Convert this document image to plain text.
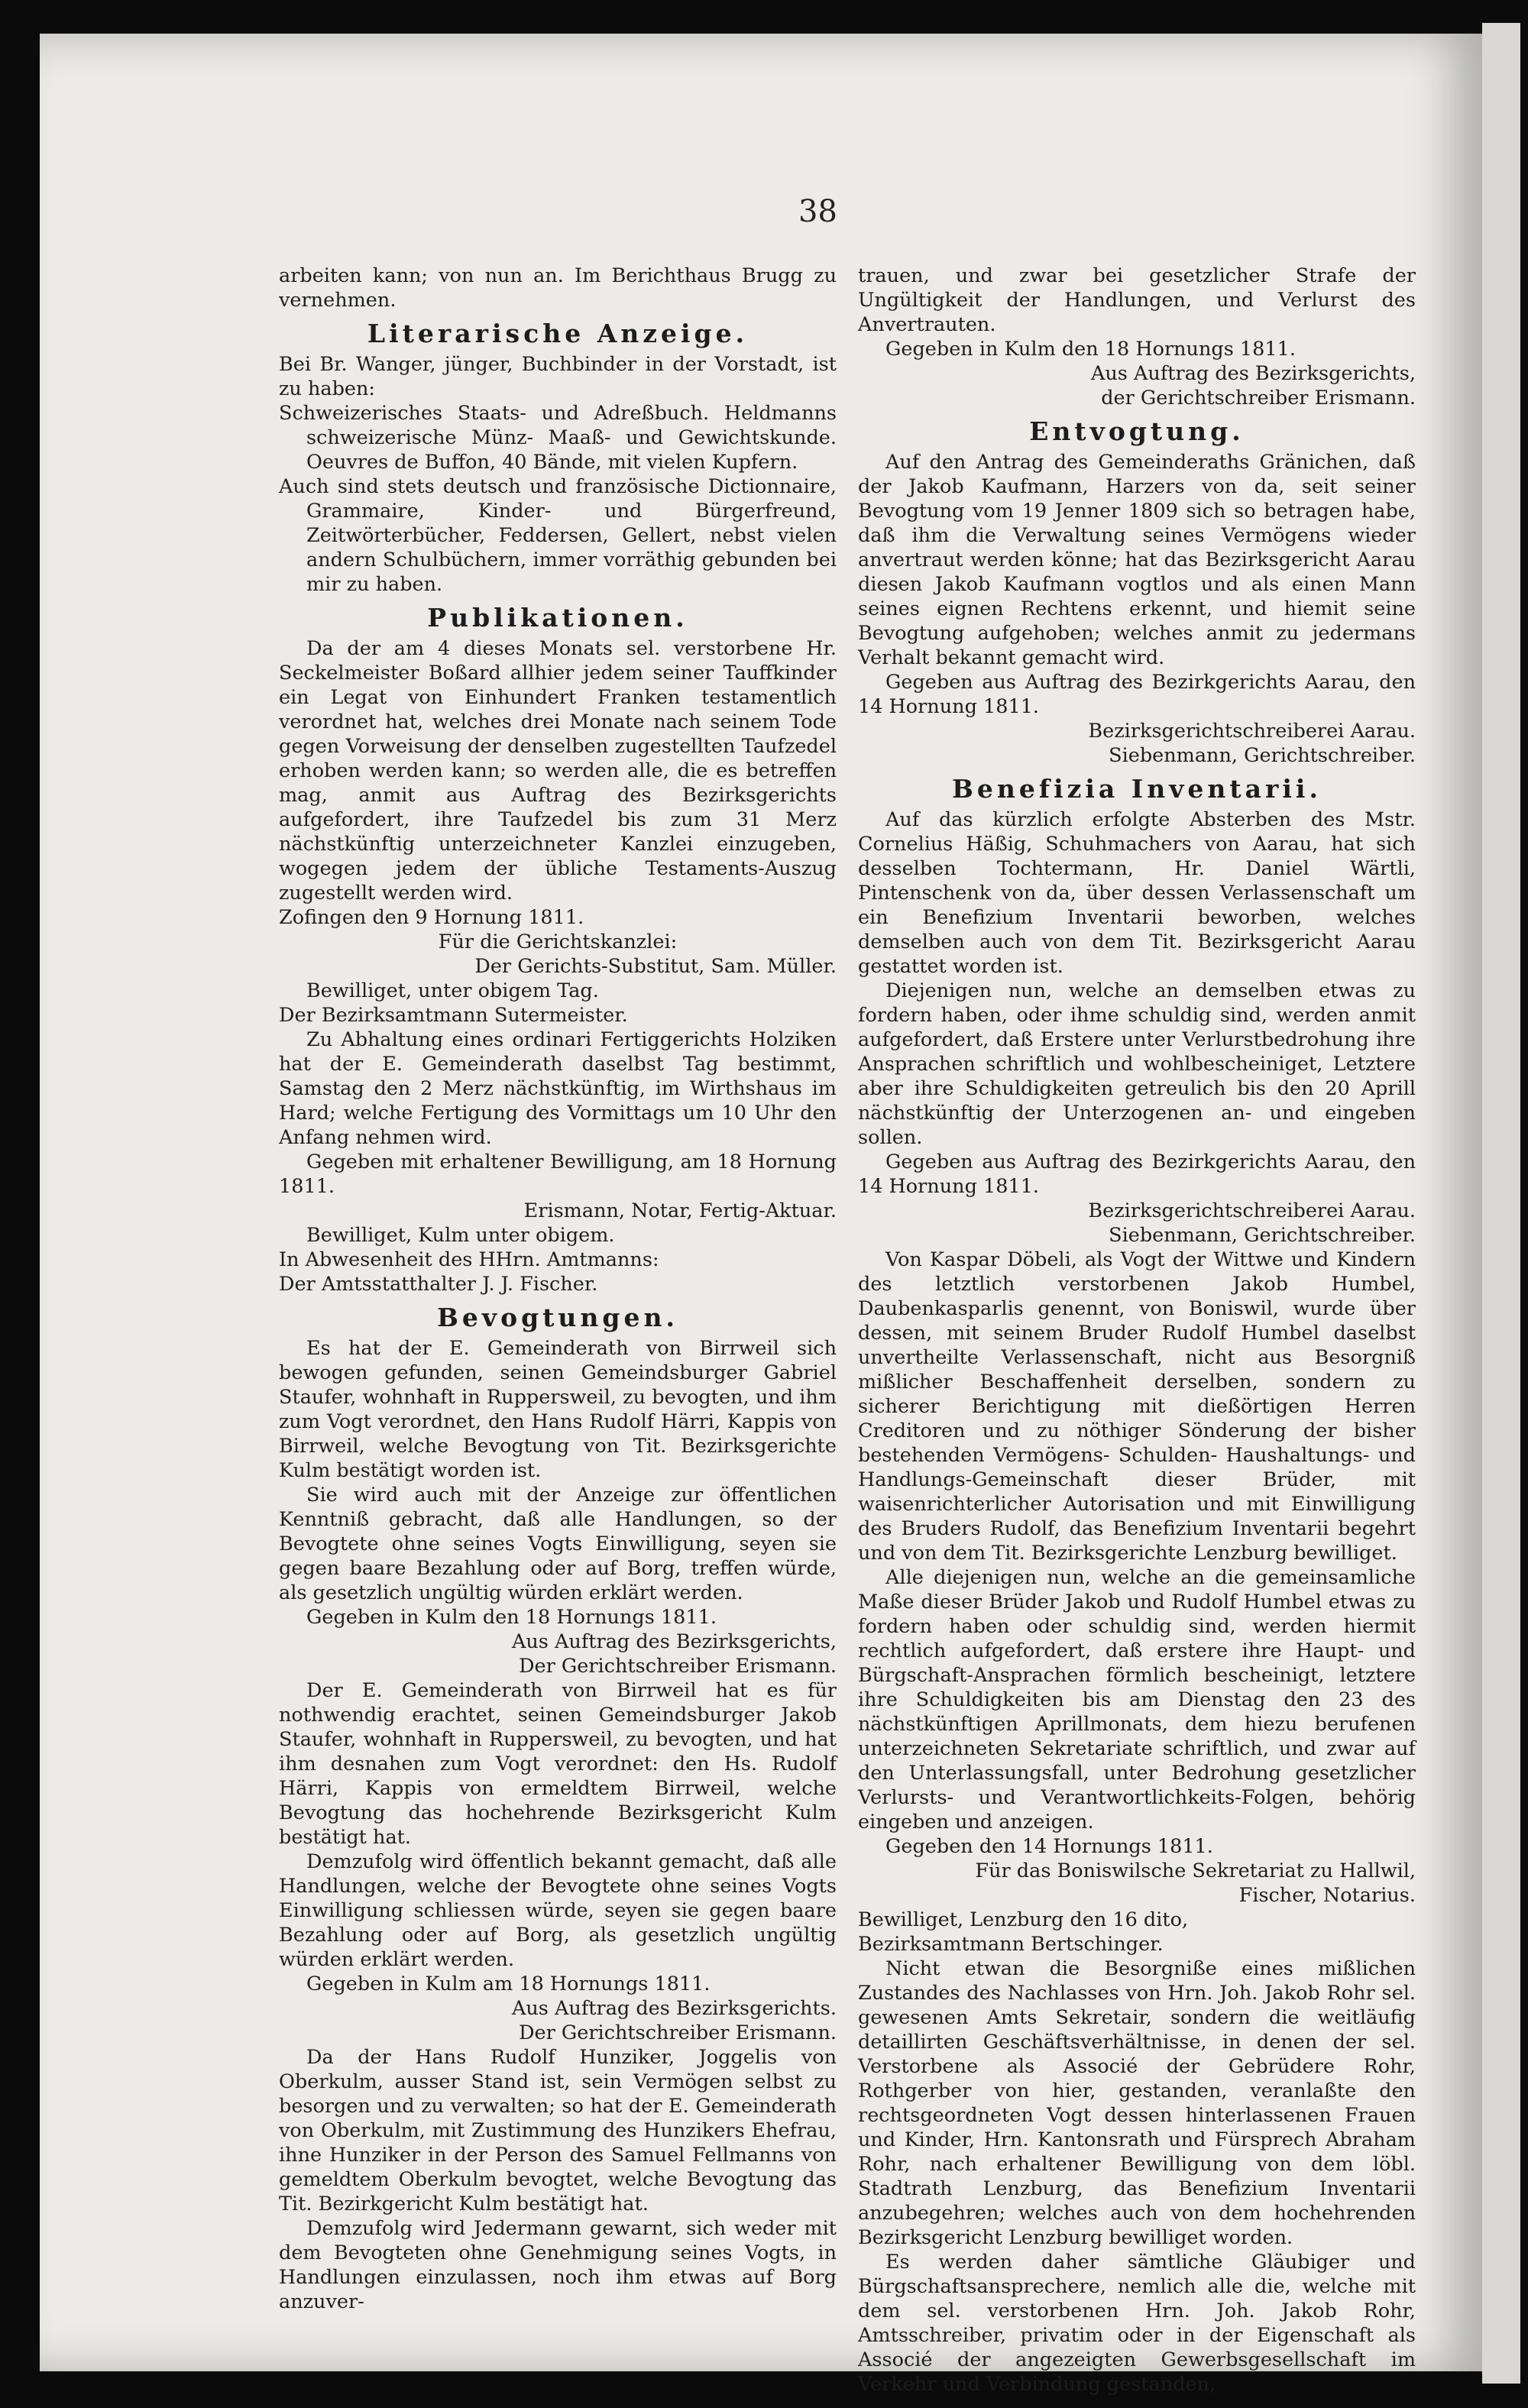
38

arbeiten kann; von nun an. Im Berichthaus Brugg zu vernehmen.

Literarische Anzeige.

Bei Br. Wanger, jünger, Buchbinder in der Vorstadt, ist zu haben:

Schweizerisches Staats- und Adreßbuch. Heldmanns schweizerische Münz- Maaß- und Gewichtskunde. Oeuvres de Buffon, 40 Bände, mit vielen Kupfern.

Auch sind stets deutsch und französische Dictionnaire, Grammaire, Kinder- und Bürgerfreund, Zeitwörterbücher, Feddersen, Gellert, nebst vielen andern Schulbüchern, immer vorräthig gebunden bei mir zu haben.

Publikationen.

Da der am 4 dieses Monats sel. verstorbene Hr. Seckelmeister Boßard allhier jedem seiner Tauffkinder ein Legat von Einhundert Franken testamentlich verordnet hat, welches drei Monate nach seinem Tode gegen Vorweisung der denselben zugestellten Taufzedel erhoben werden kann; so werden alle, die es betreffen mag, anmit aus Auftrag des Bezirksgerichts aufgefordert, ihre Taufzedel bis zum 31 Merz nächstkünftig unterzeichneter Kanzlei einzugeben, wogegen jedem der übliche Testaments-Auszug zugestellt werden wird.

Zofingen den 9 Hornung 1811.

Für die Gerichtskanzlei:

Der Gerichts-Substitut, Sam. Müller.

Bewilliget, unter obigem Tag.

Der Bezirksamtmann Sutermeister.

Zu Abhaltung eines ordinari Fertiggerichts Holziken hat der E. Gemeinderath daselbst Tag bestimmt, Samstag den 2 Merz nächstkünftig, im Wirthshaus im Hard; welche Fertigung des Vormittags um 10 Uhr den Anfang nehmen wird.

Gegeben mit erhaltener Bewilligung, am 18 Hornung 1811.

Erismann, Notar, Fertig-Aktuar.

Bewilliget, Kulm unter obigem.

In Abwesenheit des HHrn. Amtmanns:

Der Amtsstatthalter J. J. Fischer.

Bevogtungen.

Es hat der E. Gemeinderath von Birrweil sich bewogen gefunden, seinen Gemeindsburger Gabriel Staufer, wohnhaft in Ruppersweil, zu bevogten, und ihm zum Vogt verordnet, den Hans Rudolf Härri, Kappis von Birrweil, welche Bevogtung von Tit. Bezirksgerichte Kulm bestätigt worden ist.

Sie wird auch mit der Anzeige zur öffentlichen Kenntniß gebracht, daß alle Handlungen, so der Bevogtete ohne seines Vogts Einwilligung, seyen sie gegen baare Bezahlung oder auf Borg, treffen würde, als gesetzlich ungültig würden erklärt werden.

Gegeben in Kulm den 18 Hornungs 1811.

Aus Auftrag des Bezirksgerichts,

Der Gerichtschreiber Erismann.

Der E. Gemeinderath von Birrweil hat es für nothwendig erachtet, seinen Gemeindsburger Jakob Staufer, wohnhaft in Ruppersweil, zu bevogten, und hat ihm desnahen zum Vogt verordnet: den Hs. Rudolf Härri, Kappis von ermeldtem Birrweil, welche Bevogtung das hochehrende Bezirksgericht Kulm bestätigt hat.

Demzufolg wird öffentlich bekannt gemacht, daß alle Handlungen, welche der Bevogtete ohne seines Vogts Einwilligung schliessen würde, seyen sie gegen baare Bezahlung oder auf Borg, als gesetzlich ungültig würden erklärt werden.

Gegeben in Kulm am 18 Hornungs 1811.

Aus Auftrag des Bezirksgerichts.

Der Gerichtschreiber Erismann.

Da der Hans Rudolf Hunziker, Joggelis von Oberkulm, ausser Stand ist, sein Vermögen selbst zu besorgen und zu verwalten; so hat der E. Gemeinderath von Oberkulm, mit Zustimmung des Hunzikers Ehefrau, ihne Hunziker in der Person des Samuel Fellmanns von gemeldtem Oberkulm bevogtet, welche Bevogtung das Tit. Bezirkgericht Kulm bestätigt hat.

Demzufolg wird Jedermann gewarnt, sich weder mit dem Bevogteten ohne Genehmigung seines Vogts, in Handlungen einzulassen, noch ihm etwas auf Borg anzuver-

trauen, und zwar bei gesetzlicher Strafe der Ungültigkeit der Handlungen, und Verlurst des Anvertrauten.

Gegeben in Kulm den 18 Hornungs 1811.

Aus Auftrag des Bezirksgerichts,

der Gerichtschreiber Erismann.

Entvogtung.

Auf den Antrag des Gemeinderaths Gränichen, daß der Jakob Kaufmann, Harzers von da, seit seiner Bevogtung vom 19 Jenner 1809 sich so betragen habe, daß ihm die Verwaltung seines Vermögens wieder anvertraut werden könne; hat das Bezirksgericht Aarau diesen Jakob Kaufmann vogtlos und als einen Mann seines eignen Rechtens erkennt, und hiemit seine Bevogtung aufgehoben; welches anmit zu jedermans Verhalt bekannt gemacht wird.

Gegeben aus Auftrag des Bezirkgerichts Aarau, den 14 Hornung 1811.

Bezirksgerichtschreiberei Aarau.

Siebenmann, Gerichtschreiber.

Benefizia Inventarii.

Auf das kürzlich erfolgte Absterben des Mstr. Cornelius Häßig, Schuhmachers von Aarau, hat sich desselben Tochtermann, Hr. Daniel Wärtli, Pintenschenk von da, über dessen Verlassenschaft um ein Benefizium Inventarii beworben, welches demselben auch von dem Tit. Bezirksgericht Aarau gestattet worden ist.

Diejenigen nun, welche an demselben etwas zu fordern haben, oder ihme schuldig sind, werden anmit aufgefordert, daß Erstere unter Verlurstbedrohung ihre Ansprachen schriftlich und wohlbescheiniget, Letztere aber ihre Schuldigkeiten getreulich bis den 20 Aprill nächstkünftig der Unterzogenen an- und eingeben sollen.

Gegeben aus Auftrag des Bezirkgerichts Aarau, den 14 Hornung 1811.

Bezirksgerichtschreiberei Aarau.

Siebenmann, Gerichtschreiber.

Von Kaspar Döbeli, als Vogt der Wittwe und Kindern des letztlich verstorbenen Jakob Humbel, Daubenkasparlis genennt, von Boniswil, wurde über dessen, mit seinem Bruder Rudolf Humbel daselbst unvertheilte Verlassenschaft, nicht aus Besorgniß mißlicher Beschaffenheit derselben, sondern zu sicherer Berichtigung mit dießörtigen Herren Creditoren und zu nöthiger Sönderung der bisher bestehenden Vermögens- Schulden- Haushaltungs- und Handlungs-Gemeinschaft dieser Brüder, mit waisenrichterlicher Autorisation und mit Einwilligung des Bruders Rudolf, das Benefizium Inventarii begehrt und von dem Tit. Bezirksgerichte Lenzburg bewilliget.

Alle diejenigen nun, welche an die gemeinsamliche Maße dieser Brüder Jakob und Rudolf Humbel etwas zu fordern haben oder schuldig sind, werden hiermit rechtlich aufgefordert, daß erstere ihre Haupt- und Bürgschaft-Ansprachen förmlich bescheinigt, letztere ihre Schuldigkeiten bis am Dienstag den 23 des nächstkünftigen Aprillmonats, dem hiezu berufenen unterzeichneten Sekretariate schriftlich, und zwar auf den Unterlassungsfall, unter Bedrohung gesetzlicher Verlursts- und Verantwortlichkeits-Folgen, behörig eingeben und anzeigen.

Gegeben den 14 Hornungs 1811.

Für das Boniswilsche Sekretariat zu Hallwil,

Fischer, Notarius.

Bewilliget, Lenzburg den 16 dito,

Bezirksamtmann Bertschinger.

Nicht etwan die Besorgniße eines mißlichen Zustandes des Nachlasses von Hrn. Joh. Jakob Rohr sel. gewesenen Amts Sekretair, sondern die weitläufig detaillirten Geschäftsverhältnisse, in denen der sel. Verstorbene als Associé der Gebrüdere Rohr, Rothgerber von hier, gestanden, veranlaßte den rechtsgeordneten Vogt dessen hinterlassenen Frauen und Kinder, Hrn. Kantonsrath und Fürsprech Abraham Rohr, nach erhaltener Bewilligung von dem löbl. Stadtrath Lenzburg, das Benefizium Inventarii anzubegehren; welches auch von dem hochehrenden Bezirksgericht Lenzburg bewilliget worden.

Es werden daher sämtliche Gläubiger und Bürgschaftsansprechere, nemlich alle die, welche mit dem sel. verstorbenen Hrn. Joh. Jakob Rohr, Amtsschreiber, privatim oder in der Eigenschaft als Associé der angezeigten Gewerbsgesellschaft im Verkehr und Verbindung gestanden,
